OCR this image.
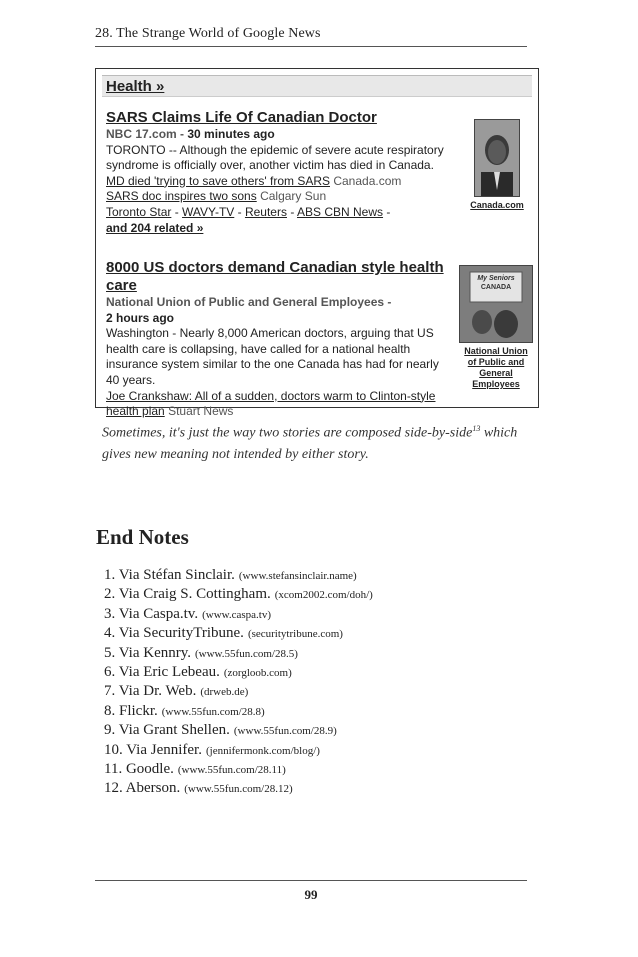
28. The Strange World of Google News
Health »
SARS Claims Life Of Canadian Doctor
NBC 17.com - 30 minutes ago
TORONTO -- Although the epidemic of severe acute respiratory
syndrome is officially over, another victim has died in Canada.
MD died 'trying to save others' from SARS Canada.com
SARS doc inspires two sons Calgary Sun
Toronto Star - WAVY-TV - Reuters - ABS CBN News -
and 204 related »
Canada.com
8000 US doctors demand Canadian style health
care
National Union of Public and General Employees -
2 hours ago
Washington - Nearly 8,000 American doctors, arguing that US
health care is collapsing, have called for a national health
insurance system similar to the one Canada has had for nearly
40 years.
Joe Crankshaw: All of a sudden, doctors warm to Clinton-style
health plan Stuart News
My Seniors
CANADA
National Union
of Public and
General
Employees
Sometimes, it's just the way two stories are composed side-by-side$^{13}$ which gives new meaning not intended by either story.
End Notes
1. Via Stéfan Sinclair. (www.stefansinclair.name)
2. Via Craig S. Cottingham. (xcom2002.com/doh/)
3. Via Caspa.tv. (www.caspa.tv)
4. Via SecurityTribune. (securitytribune.com)
5. Via Kennry. (www.55fun.com/28.5)
6. Via Eric Lebeau. (zorgloob.com)
7. Via Dr. Web. (drweb.de)
8. Flickr. (www.55fun.com/28.8)
9. Via Grant Shellen. (www.55fun.com/28.9)
10. Via Jennifer. (jennifermonk.com/blog/)
11. Goodle. (www.55fun.com/28.11)
12. Aberson. (www.55fun.com/28.12)
99
